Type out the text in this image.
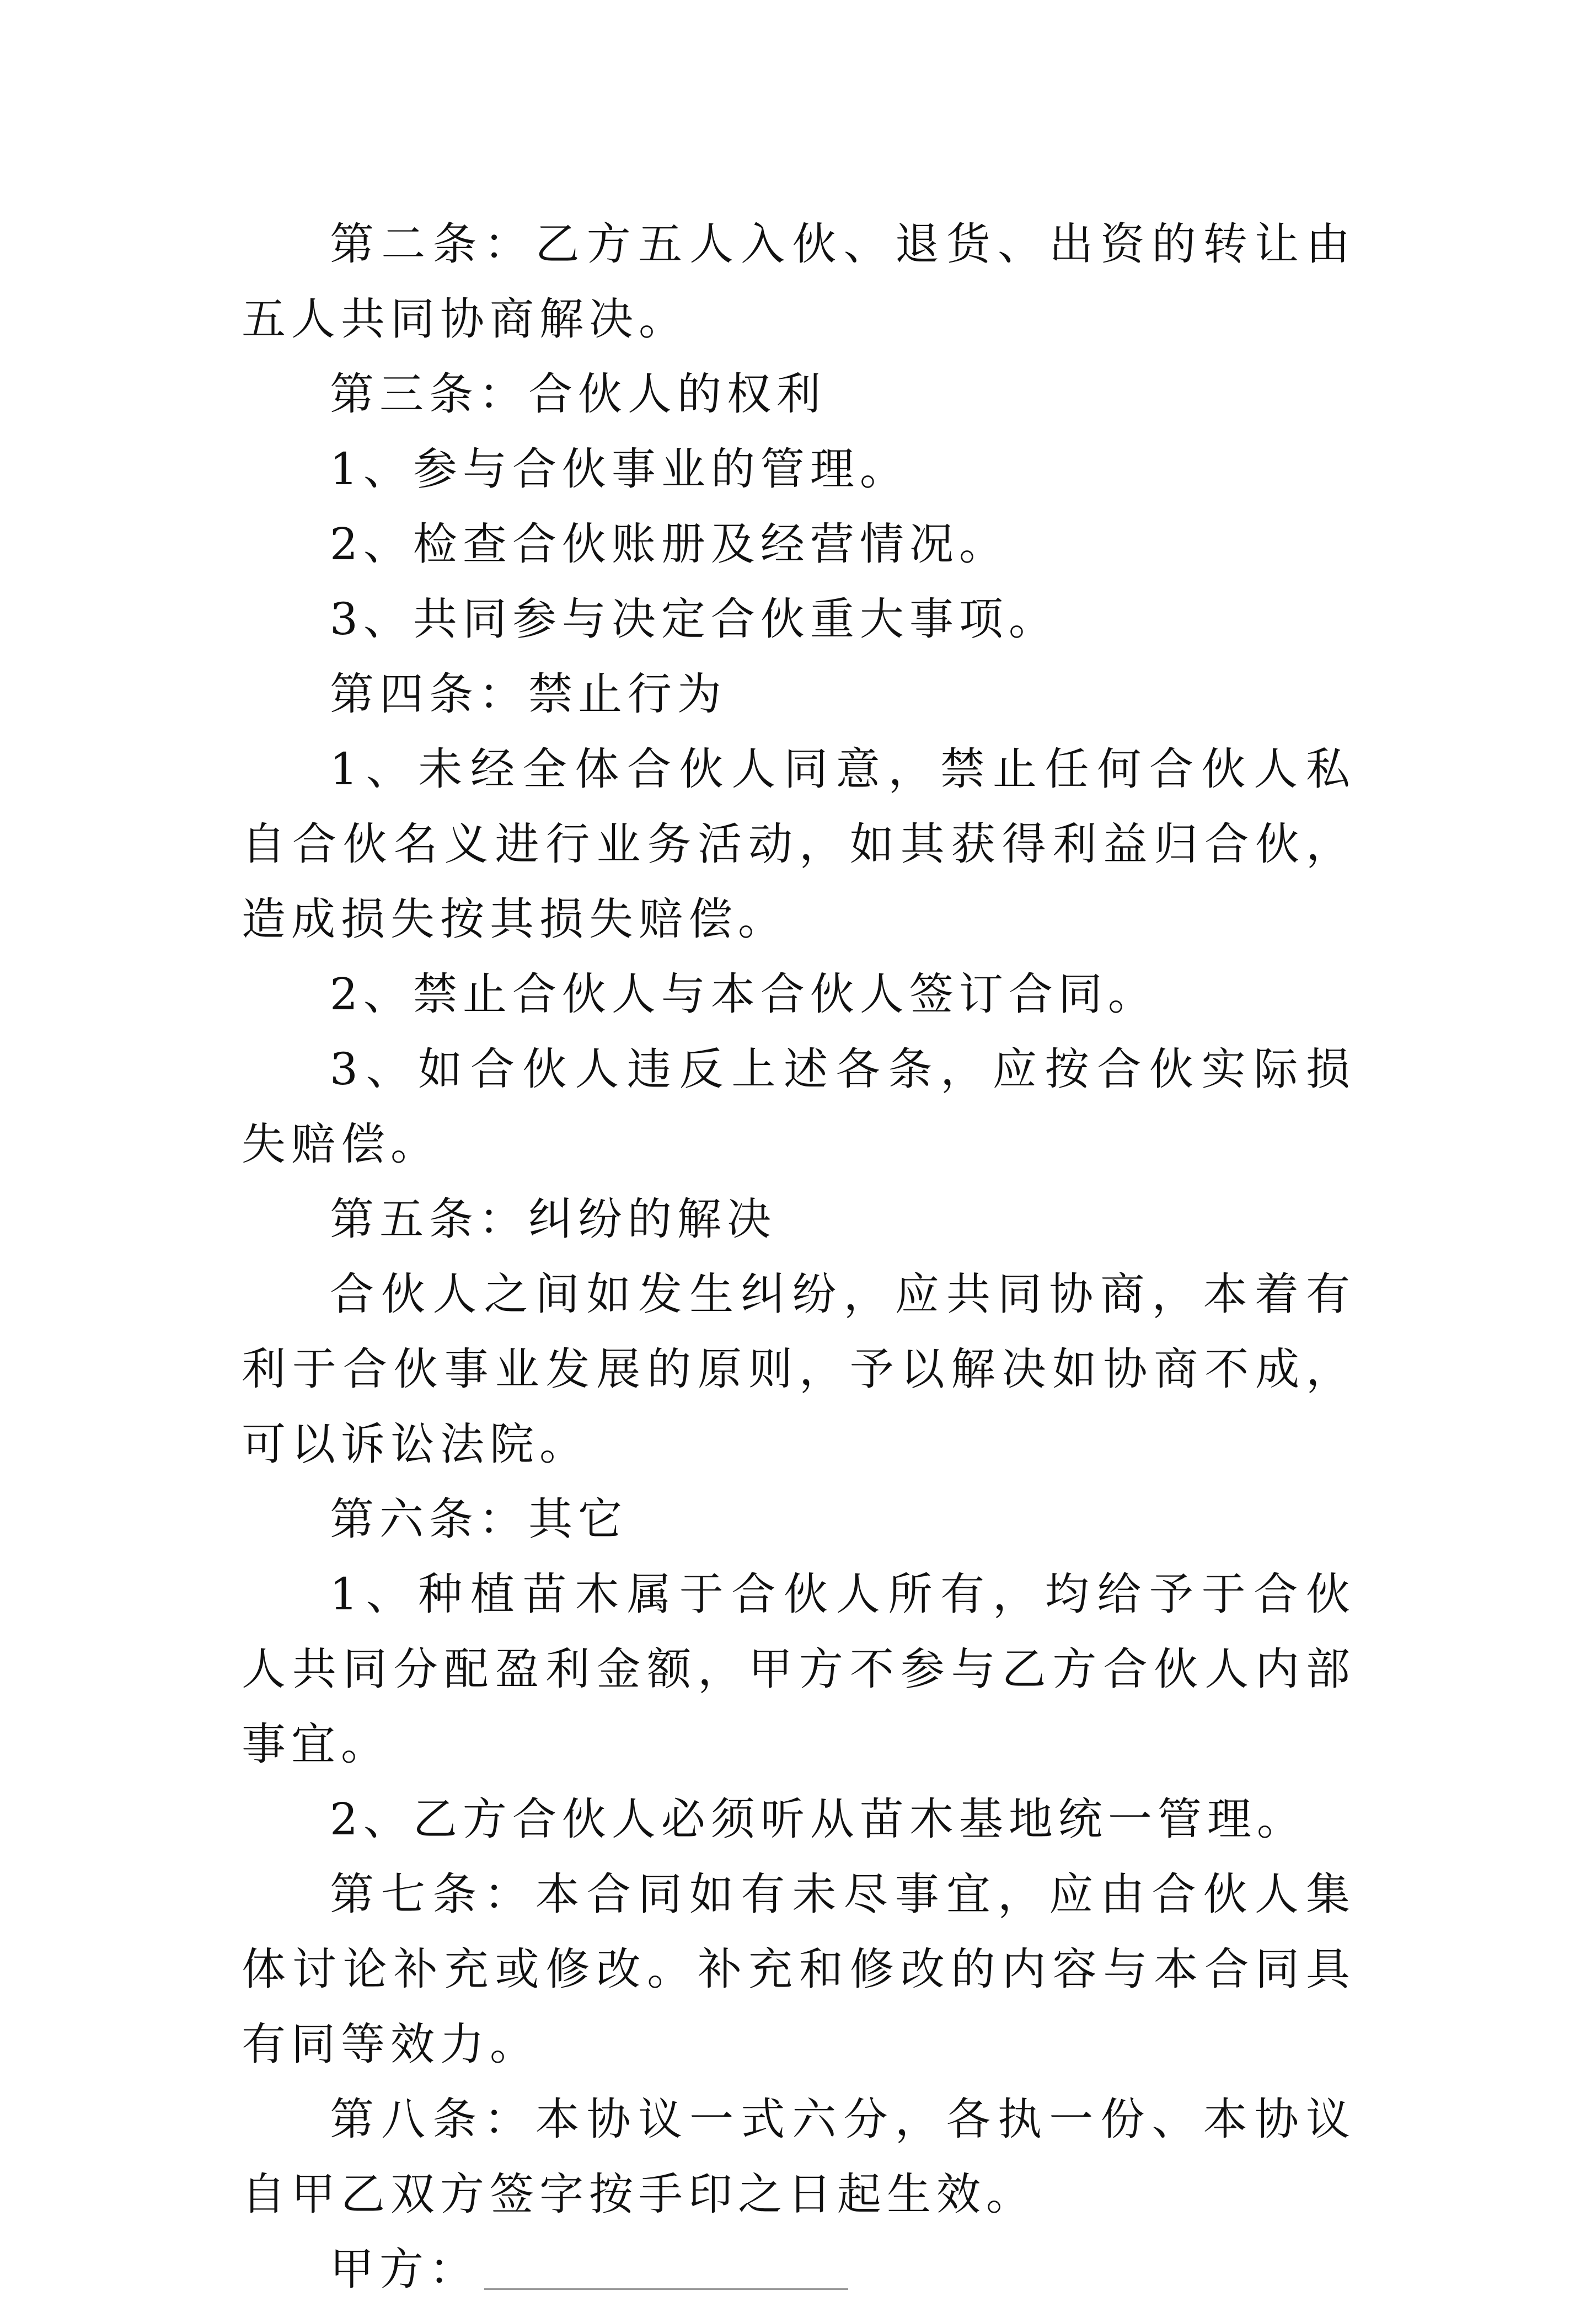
第二条：乙方五人入伙、退货、出资的转让由五人共同协商解决。

第三条：合伙人的权利

1、参与合伙事业的管理。

2、检查合伙账册及经营情况。

3、共同参与决定合伙重大事项。

第四条：禁止行为

1、未经全体合伙人同意，禁止任何合伙人私自合伙名义进行业务活动，如其获得利益归合伙，造成损失按其损失赔偿。

2、禁止合伙人与本合伙人签订合同。

3、如合伙人违反上述各条，应按合伙实际损失赔偿。

第五条：纠纷的解决

合伙人之间如发生纠纷，应共同协商，本着有利于合伙事业发展的原则，予以解决如协商不成，可以诉讼法院。

第六条：其它

1、种植苗木属于合伙人所有，均给予于合伙人共同分配盈利金额，甲方不参与乙方合伙人内部事宜。

2、乙方合伙人必须听从苗木基地统一管理。

第七条：本合同如有未尽事宜，应由合伙人集体讨论补充或修改。补充和修改的内容与本合同具有同等效力。

第八条：本协议一式六分，各执一份、本协议自甲乙双方签字按手印之日起生效。

甲方：
